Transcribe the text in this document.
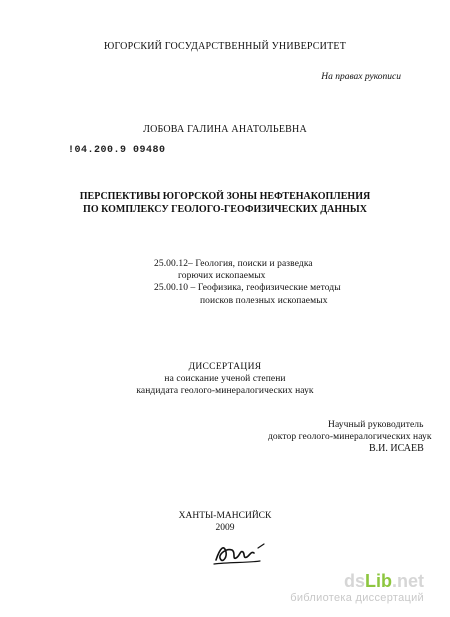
ЮГОРСКИЙ ГОСУДАРСТВЕННЫЙ УНИВЕРСИТЕТ
На правах рукописи
ЛОБОВА ГАЛИНА АНАТОЛЬЕВНА
!04.200.9 09480
ПЕРСПЕКТИВЫ ЮГОРСКОЙ ЗОНЫ НЕФТЕНАКОПЛЕНИЯ
ПО КОМПЛЕКСУ ГЕОЛОГО-ГЕОФИЗИЧЕСКИХ ДАННЫХ
25.00.12– Геология, поиски и разведка
горючих ископаемых
25.00.10 – Геофизика, геофизические методы
поисков полезных ископаемых
ДИССЕРТАЦИЯ
на соискание ученой степени
кандидата геолого-минералогических наук
Научный руководитель
доктор геолого-минералогических наук
В.И. ИСАЕВ
ХАНТЫ-МАНСИЙСК
2009
dsLib.net
библиотека диссертаций
